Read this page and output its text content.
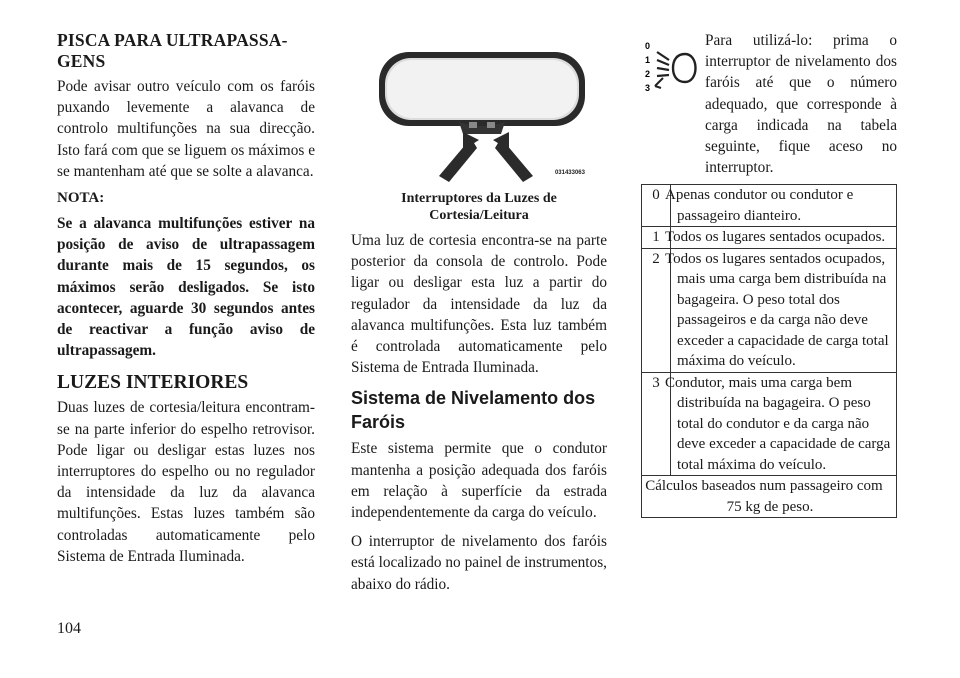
PISCA PARA ULTRAPASSA-GENS

Pode avisar outro veículo com os faróis puxando levemente a alavanca de controlo multifunções na sua direcção. Isto fará com que se liguem os máximos e se mantenham até que se solte a alavanca.

NOTA:

Se a alavanca multifunções estiver na posição de aviso de ultrapassagem durante mais de 15 segundos, os máximos serão desligados. Se isto acontecer, aguarde 30 segundos antes de reactivar a função aviso de ultrapassagem.

LUZES INTERIORES

Duas luzes de cortesia/leitura encontram-se na parte inferior do espelho retrovisor. Pode ligar ou desligar estas luzes nos interruptores do espelho ou no regulador da intensidade da luz da alavanca multifunções. Estas luzes também são controladas automaticamente pelo Sistema de Entrada Iluminada.

031433063
Interruptores da Luzes de Cortesia/Leitura

Uma luz de cortesia encontra-se na parte posterior da consola de controlo. Pode ligar ou desligar esta luz a partir do regulador da intensidade da luz da alavanca multifunções. Esta luz também é controlada automaticamente pelo Sistema de Entrada Iluminada.

Sistema de Nivelamento dos Faróis

Este sistema permite que o condutor mantenha a posição adequada dos faróis em relação à superfície da estrada independentemente da carga do veículo.

O interruptor de nivelamento dos faróis está localizado no painel de instrumentos, abaixo do rádio.

0
1
2
3
Para utilizá-lo: prima o interruptor de nivelamento dos faróis até que o número adequado, que corresponde à carga indicada na tabela seguinte, fique aceso no interruptor.
0	Apenas condutor ou condutor e passageiro dianteiro.
1	Todos os lugares sentados ocupados.
2	Todos os lugares sentados ocupados, mais uma carga bem distribuída na bagageira. O peso total dos passageiros e da carga não deve exceder a capacidade de carga total máxima do veículo.
3	Condutor, mais uma carga bem distribuída na bagageira. O peso total do condutor e da carga não deve exceder a capacidade de carga total máxima do veículo.
Cálculos baseados num passageiro com 75 kg de peso.	
104
